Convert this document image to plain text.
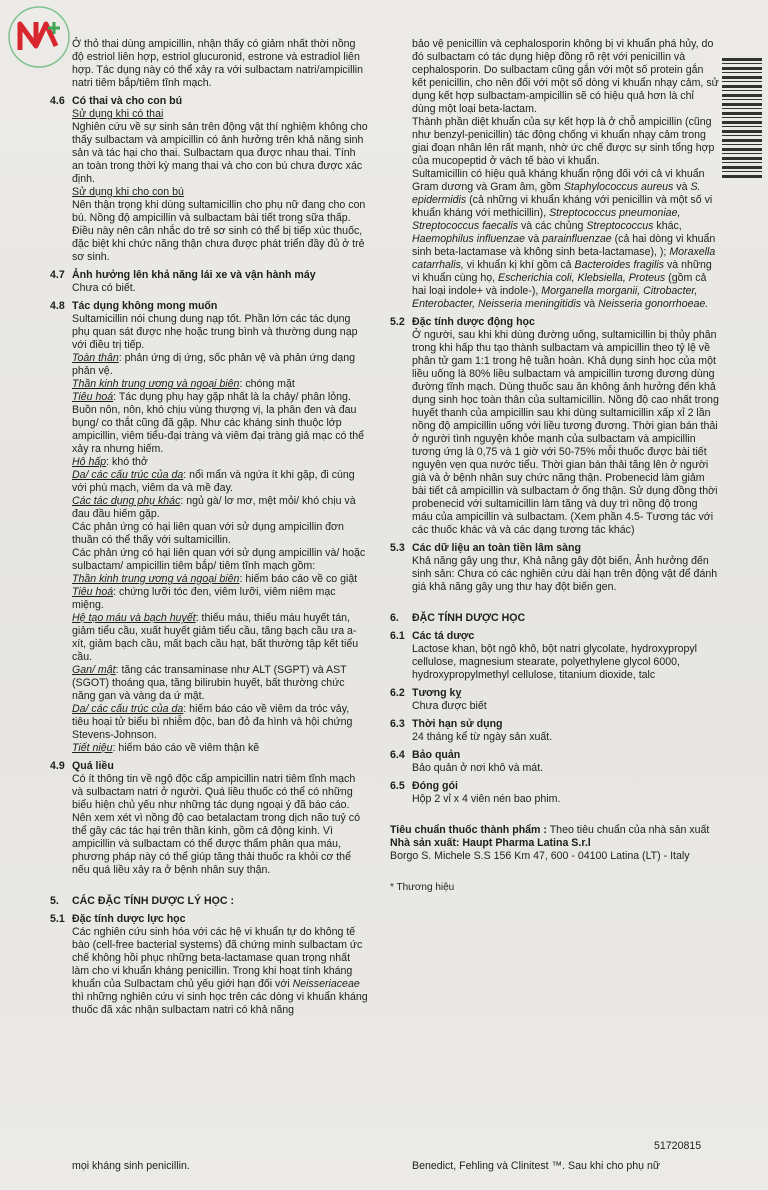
Ở thỏ thai dùng ampicillin, nhận thấy có giảm nhất thời nồng độ estriol liên hợp, estriol glucuronid, estrone và estradiol liên hợp. Tác dụng này có thể xảy ra với sulbactam natri/ampicillin natri tiêm bắp/tiêm tĩnh mạch.

4.6 Có thai và cho con bú

Sử dụng khi có thai

Nghiên cứu về sự sinh sản trên động vật thí nghiệm không cho thấy sulbactam và ampicillin có ảnh hưởng trên khả năng sinh sản và tác hại cho thai. Sulbactam qua được nhau thai. Tính an toàn trong thời kỳ mang thai và cho con bú chưa được xác định.

Sử dụng khi cho con bú

Nên thận trọng khi dùng sultamicillin cho phụ nữ đang cho con bú. Nồng độ ampicillin và sulbactam bài tiết trong sữa thấp. Điều này nên cân nhắc do trẻ sơ sinh có thể bị tiếp xúc thuốc, đặc biệt khi chức năng thận chưa được phát triển đầy đủ ở trẻ sơ sinh.

4.7 Ảnh hưởng lên khả năng lái xe và vận hành máy

Chưa có biết.

4.8 Tác dụng không mong muốn

Sultamicillin nói chung dung nạp tốt. Phần lớn các tác dụng phụ quan sát được nhẹ hoặc trung bình và thường dung nạp với điều trị tiếp.

Toàn thân: phản ứng dị ứng, sốc phản vệ và phản ứng dạng phản vệ.

Thần kinh trung ương và ngoại biên: chóng mặt

Tiêu hoá: Tác dụng phụ hay gặp nhất là la chảy/ phân lỏng. Buồn nôn, nôn, khó chịu vùng thượng vị, la phân đen và đau bụng/ co thắt cũng đã gặp. Như các kháng sinh thuộc lớp ampicillin, viêm tiểu-đại tràng và viêm đại tràng giả mạc có thể xảy ra nhưng hiếm.

Hô hấp: khó thở

Da/ các cấu trúc của da: nổi mẩn và ngứa ít khi gặp, đi cùng với phù mạch, viêm da và mề đay.

Các tác dụng phụ khác: ngủ gà/ lơ mơ, mệt mỏi/ khó chịu và đau đầu hiếm gặp.

Các phản ứng có hại liên quan với sử dụng ampicillin đơn thuần có thể thấy với sultamicillin.

Các phản ứng có hại liên quan với sử dụng ampicillin và/ hoặc sulbactam/ ampicillin tiêm bắp/ tiêm tĩnh mạch gồm:

Thần kinh trung ương và ngoại biên: hiếm báo cáo về co giật

Tiêu hoá: chứng lưỡi tóc đen, viêm lưỡi, viêm niêm mạc miệng.

Hệ tạo máu và bạch huyết: thiếu máu, thiếu máu huyết tán, giảm tiểu cầu, xuất huyết giảm tiểu cầu, tăng bạch cầu ưa a-xít, giảm bạch cầu, mất bạch cầu hạt, bất thường tập kết tiểu cầu.

Gan/ mật: tăng các transaminase như ALT (SGPT) và AST (SGOT) thoáng qua, tăng bilirubin huyết, bất thường chức năng gan và vàng da ứ mật.

Da/ các cấu trúc của da: hiếm báo cáo về viêm da tróc vảy, tiêu hoại tử biểu bì nhiễm độc, ban đỏ đa hình và hội chứng Stevens-Johnson.

Tiết niệu: hiếm báo cáo về viêm thận kẽ

4.9 Quá liều

Có ít thông tin về ngộ độc cấp ampicillin natri tiêm tĩnh mạch và sulbactam natri ở người. Quá liều thuốc có thể có những biểu hiện chủ yếu như những tác dụng ngoại ý đã báo cáo. Nên xem xét vì nồng độ cao betalactam trong dịch não tuỷ có thể gây các tác hại trên thần kinh, gồm cả động kinh. Vì ampicillin và sulbactam có thể được thẩm phân qua máu, phương pháp này có thể giúp tăng thải thuốc ra khỏi cơ thể nếu quá liều xảy ra ở bệnh nhân suy thận.

5. CÁC ĐẶC TÍNH DƯỢC LÝ HỌC :
5.1 Đặc tính dược lực học

Các nghiên cứu sinh hóa với các hệ vi khuẩn tự do không tế bào (cell-free bacterial systems) đã chứng minh sulbactam ức chế không hồi phục những beta-lactamase quan trọng nhất làm cho vi khuẩn kháng penicillin. Trong khi hoạt tính kháng khuẩn của Sulbactam chủ yếu giới hạn đối với Neisseriaceae thì những nghiên cứu vi sinh học trên các dòng vi khuẩn kháng thuốc đã xác nhận sulbactam natri có khả năng

bảo vệ penicillin và cephalosporin không bị vi khuẩn phá hủy, do đó sulbactam có tác dụng hiệp đồng rõ rệt với penicillin và cephalosporin. Do sulbactam cũng gắn với một số protein gắn kết penicillin, cho nên đối với một số dòng vi khuẩn nhạy cảm, sử dụng kết hợp sulbactam-ampicillin sẽ có hiệu quả hơn là chỉ dùng một loại beta-lactam.

Thành phần diệt khuẩn của sự kết hợp là ở chỗ ampicillin (cũng như benzyl-penicillin) tác động chống vi khuẩn nhạy cảm trong giai đoạn nhân lên rất mạnh, nhờ ức chế được sự sinh tổng hợp của mucopeptid ở vách tế bào vi khuẩn.

Sultamicillin có hiệu quả kháng khuẩn rộng đối với cả vi khuẩn Gram dương và Gram âm, gồm Staphylococcus aureus và S. epidermidis (cả những vi khuẩn kháng với penicillin và một số vi khuẩn kháng với methicillin), Streptococcus pneumoniae, Streptococcus faecalis và các chủng Streptococcus khác, Haemophilus influenzae và parainfluenzae (cả hai dòng vi khuẩn sinh beta-lactamase và không sinh beta-lactamase), ); Moraxella catarrhalis, vi khuẩn kị khí gồm cả Bacteroides fragilis và những vi khuẩn cùng họ, Escherichia coli, Klebsiella, Proteus (gồm cả hai loại indole+ và indole-), Morganella morganii, Citrobacter, Enterobacter, Neisseria meningitidis và Neisseria gonorrhoeae.

5.2 Đặc tính dược động học

Ở người, sau khi khi dùng đường uống, sultamicillin bị thủy phân trong khi hấp thu tạo thành sulbactam và ampicillin theo tỷ lệ về phân tử gam 1:1 trong hệ tuần hoàn. Khả dụng sinh học của một liều uống là 80% liều sulbactam và ampicillin tương đương dùng đường tĩnh mạch. Dùng thuốc sau ăn không ảnh hưởng đến khả dụng sinh học toàn thân của sultamicillin. Nồng độ cao nhất trong huyết thanh của ampicillin sau khi dùng sultamicillin xấp xỉ 2 lần nồng độ ampicillin uống với liều tương đương. Thời gian bán thải ở người tình nguyện khỏe mạnh của sulbactam và ampicillin tương ứng là 0,75 và 1 giờ với 50-75% mỗi thuốc được bài tiết nguyên vẹn qua nước tiểu. Thời gian bán thải tăng lên ở người già và ở bệnh nhân suy chức năng thận. Probenecid làm giảm bài tiết cả ampicillin và sulbactam ở ống thận. Sử dụng đồng thời probenecid với sultamicillin làm tăng và duy trì nồng độ trong máu của ampicillin và sulbactam. (Xem phần 4.5- Tương tác với các thuốc khác và và các dạng tương tác khác)

5.3 Các dữ liệu an toàn tiền lâm sàng

Khả năng gây ung thư, Khả năng gây đột biến, Ảnh hưởng đến sinh sản: Chưa có các nghiên cứu dài hạn trên động vật để đánh giá khả năng gây ung thư hay đột biến gen.

6. ĐẶC TÍNH DƯỢC HỌC
6.1 Các tá dược

Lactose khan, bột ngô khô, bột natri glycolate, hydroxypropyl cellulose, magnesium stearate, polyethylene glycol 6000, hydroxypropylmethyl cellulose, titanium dioxide, talc

6.2 Tương kỵ

Chưa được biết

6.3 Thời hạn sử dụng

24 tháng kể từ ngày sản xuất.

6.4 Bảo quản

Bảo quản ở nơi khô và mát.

6.5 Đóng gói

Hộp 2 vỉ x 4 viên nén bao phim.

Tiêu chuẩn thuốc thành phẩm : Theo tiêu chuẩn của nhà sản xuất

Nhà sản xuất: Haupt Pharma Latina S.r.l

Borgo S. Michele S.S 156 Km 47, 600 - 04100 Latina (LT) - Italy

* Thương hiệu

51720815
mọi kháng sinh penicillin.	Benedict, Fehling và Clinitest ™. Sau khi cho phụ nữ
